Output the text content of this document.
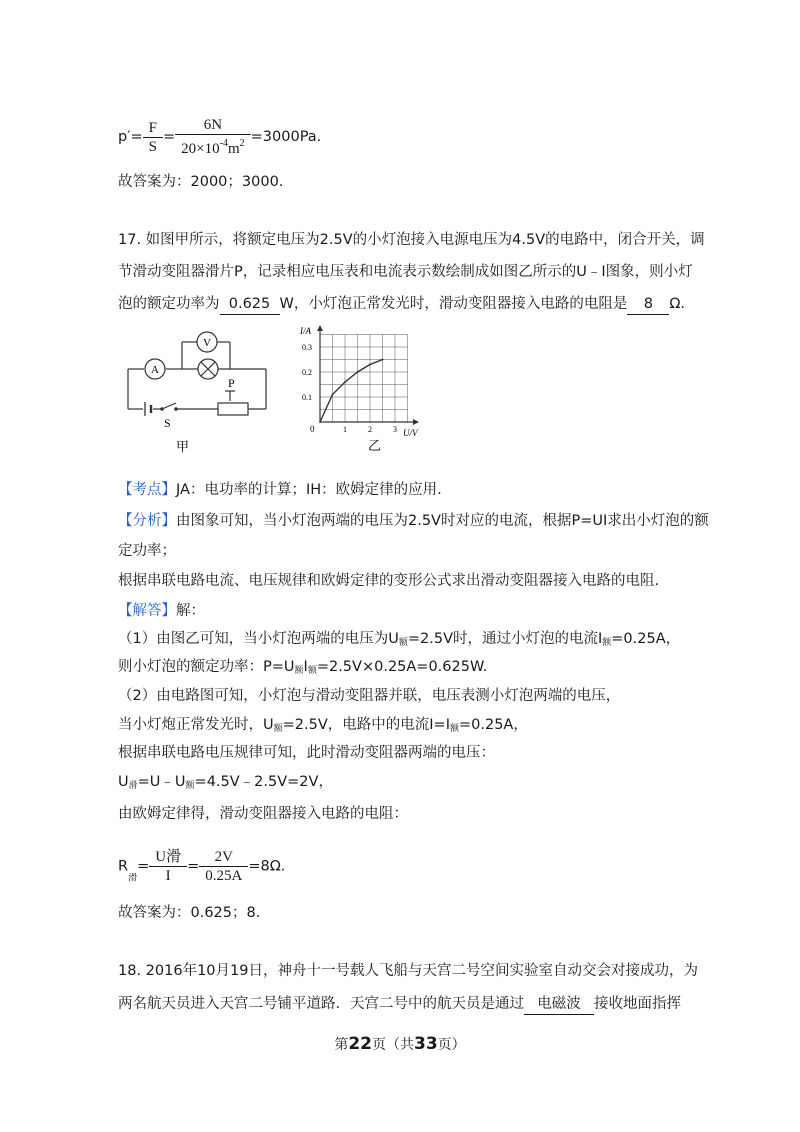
$p'= \frac{F}{S} = \frac{6N}{20\times 10^{-4}m^2} =3000Pa$.
故答案为：2000；3000.
17. 如图甲所示，将额定电压为2.5V的小灯泡接入电源电压为4.5V的电路中，闭合开关，调
节滑动变阻器滑片P，记录相应电压表和电流表示数绘制成如图乙所示的U﹣I图象，则小灯
泡的额定功率为 0.625 W，小灯泡正常发光时，滑动变阻器接入电路的电阻是 8 Ω.
A
V
P
S
甲
0.3
0.2
0.1
1	2	3
I/A
U/V
0
乙
【考点】JA：电功率的计算；IH：欧姆定律的应用.
【分析】由图象可知，当小灯泡两端的电压为2.5V时对应的电流，根据P=UI求出小灯泡的额
定功率；
根据串联电路电流、电压规律和欧姆定律的变形公式求出滑动变阻器接入电路的电阻.
【解答】解：
（1）由图乙可知，当小灯泡两端的电压为$U_额=2.5V$时，通过小灯泡的电流$I_额=0.25A$，
则小灯泡的额定功率：$P=U_额I_额=2.5V\times 0.25A=0.625W$.
（2）由电路图可知，小灯泡与滑动变阻器并联，电压表测小灯泡两端的电压，
当小灯炮正常发光时，$U_额=2.5V$，电路中的电流$I=I_额=0.25A$，
根据串联电路电压规律可知，此时滑动变阻器两端的电压：
$U_滑=U﹣U_额=4.5V﹣2.5V=2V$，
由欧姆定律得，滑动变阻器接入电路的电阻：
$R_滑= \frac{\text{U滑}}{I} = \frac{2V}{0.25A} =8\Omega$.
故答案为：0.625；8.
18. 2016年10月19日，神舟十一号载人飞船与天宫二号空间实验室自动交会对接成功，为
两名航天员进入天宫二号铺平道路．天宫二号中的航天员是通过 电磁波 接收地面指挥
第22页（共33页）
